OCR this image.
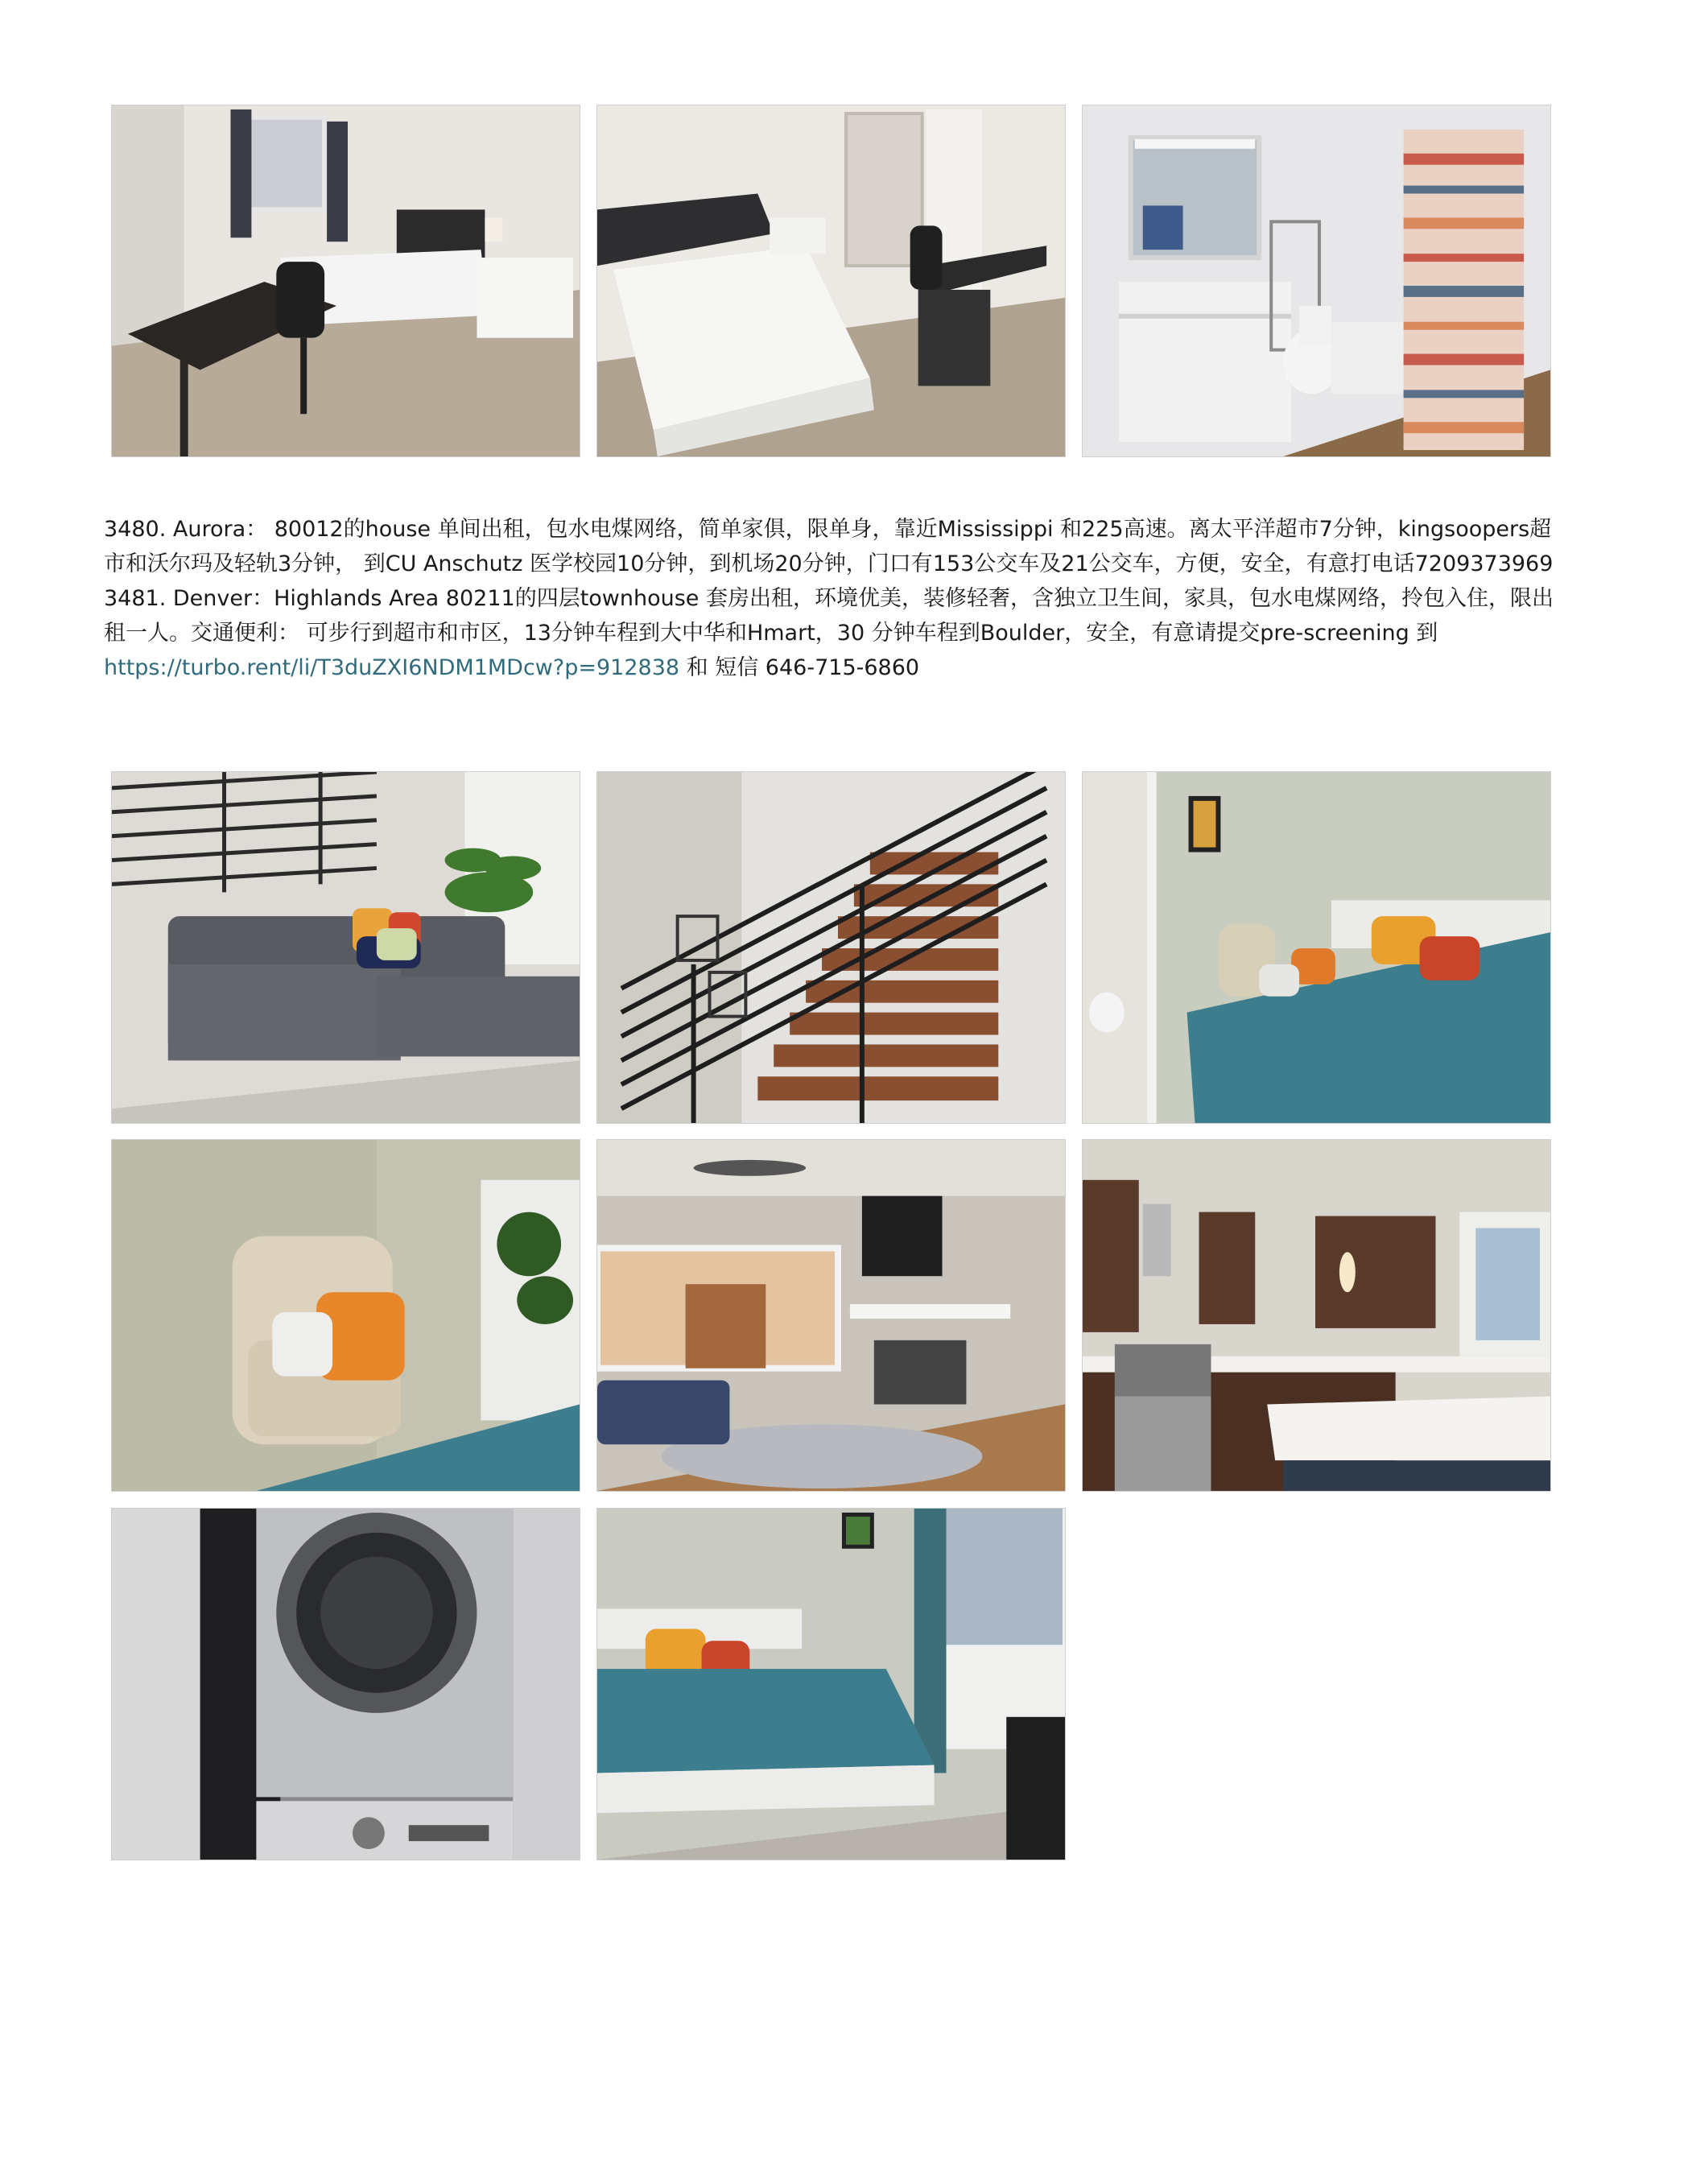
3480. Aurora： 80012的house 单间出租，包水电煤网络，简单家俱，限单身，靠近Mississippi 和225高速。离太平洋超市7分钟，kingsoopers超市和沃尔玛及轻轨3分钟， 到CU Anschutz 医学校园10分钟，到机场20分钟，门口有153公交车及21公交车，方便，安全，有意打电话7209373969

3481. Denver：Highlands Area 80211的四层townhouse 套房出租，环境优美，装修轻奢，含独立卫生间，家具，包水电煤网络，拎包入住，限出租一人。交通便利： 可步行到超市和市区，13分钟车程到大中华和Hmart，30 分钟车程到Boulder，安全，有意请提交pre-screening 到 https://turbo.rent/li/T3duZXI6NDM1MDcw?p=912838 和 短信 646-715-6860
